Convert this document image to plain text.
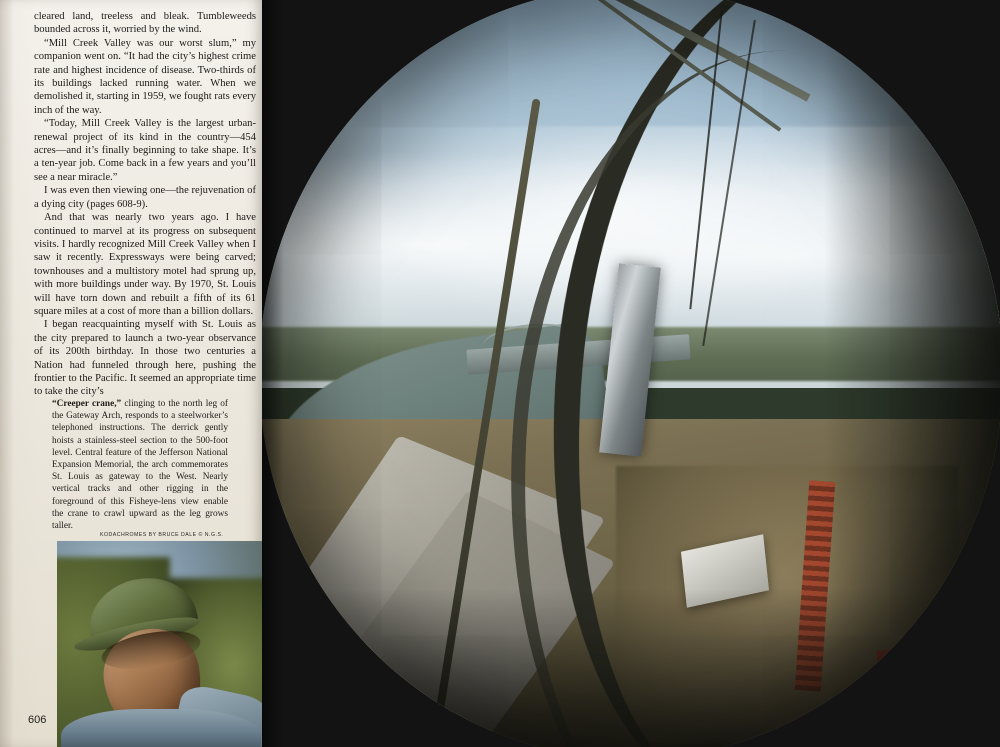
cleared land, treeless and bleak. Tumbleweeds bounded across it, worried by the wind.

“Mill Creek Valley was our worst slum,” my companion went on. “It had the city’s highest crime rate and highest incidence of disease. Two-thirds of its buildings lacked running water. When we demolished it, starting in 1959, we fought rats every inch of the way.

“Today, Mill Creek Valley is the largest urban-renewal project of its kind in the country—454 acres—and it’s finally beginning to take shape. It’s a ten-year job. Come back in a few years and you’ll see a near miracle.”

I was even then viewing one—the rejuvenation of a dying city (pages 608-9).

And that was nearly two years ago. I have continued to marvel at its progress on subsequent visits. I hardly recognized Mill Creek Valley when I saw it recently. Expressways were being carved; townhouses and a multistory motel had sprung up, with more buildings under way. By 1970, St. Louis will have torn down and rebuilt a fifth of its 61 square miles at a cost of more than a billion dollars.

I began reacquainting myself with St. Louis as the city prepared to launch a two-year observance of its 200th birthday. In those two centuries a Nation had funneled through here, pushing the frontier to the Pacific. It seemed an appropriate time to take the city’s

“Creeper crane,” clinging to the north leg of the Gateway Arch, responds to a steelworker’s telephoned instructions. The derrick gently hoists a stainless-steel section to the 500-foot level. Central feature of the Jefferson National Expansion Memorial, the arch commemorates St. Louis as gateway to the West. Nearly vertical tracks and other rigging in the foreground of this Fisheye-lens view enable the crane to crawl upward as the leg grows taller.
KODACHROMES BY BRUCE DALE © N.G.S.
606
